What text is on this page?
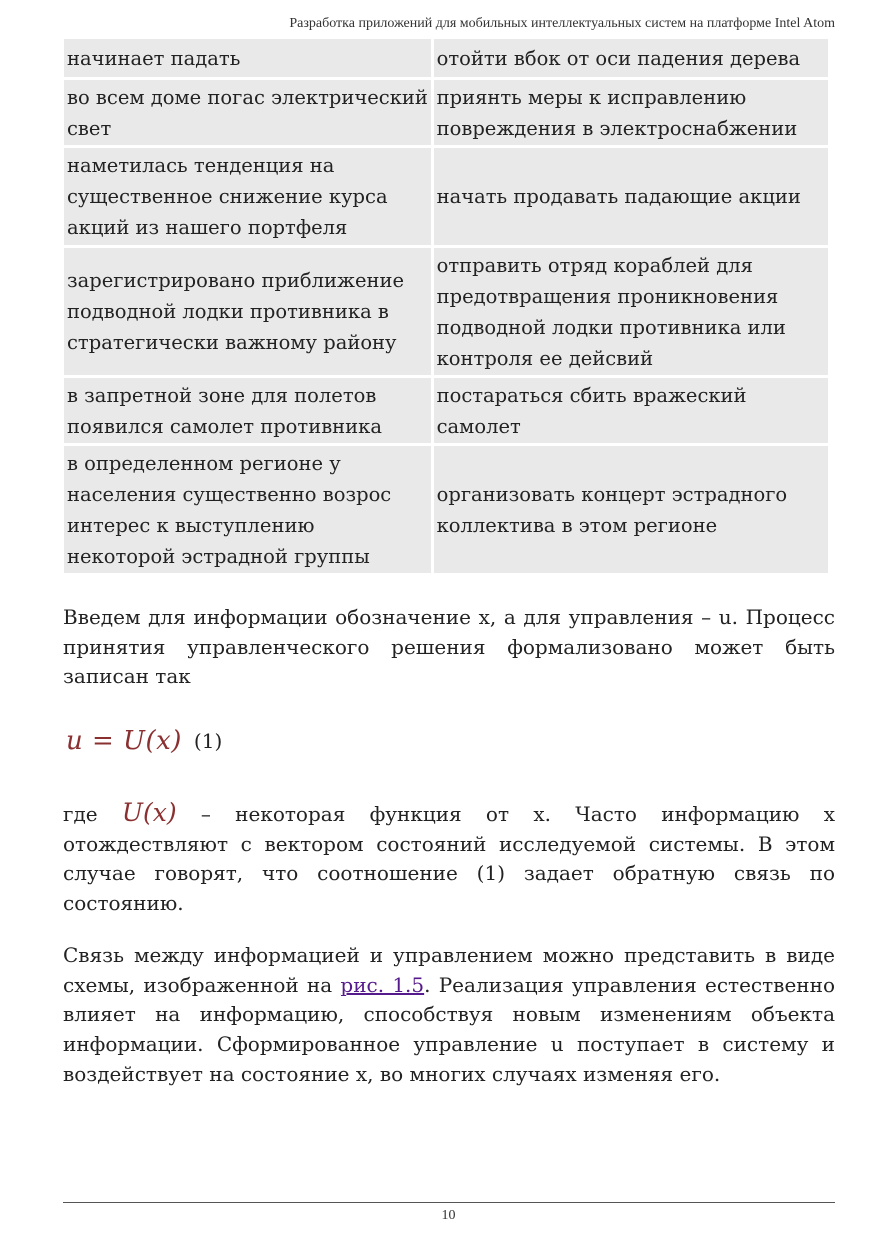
Разработка приложений для мобильных интеллектуальных систем на платформе Intel Atom
начинает падать	отойти вбок от оси падения дерева
во всем доме погас электрический свет	приянть меры к исправлению повреждения в электроснабжении
наметилась тенденция на существенное снижение курса акций из нашего портфеля	начать продавать падающие акции
зарегистрировано приближение подводной лодки противника в стратегически важному району	отправить отряд кораблей для предотвращения проникновения подводной лодки противника или контроля ее дейсвий
в запретной зоне для полетов появился самолет противника	постараться сбить вражеский самолет
в определенном регионе у населения существенно возрос интерес к выступлению некоторой эстрадной группы	организовать концерт эстрадного коллектива в этом регионе

Введем для информации обозначение x, а для управления – u. Процесс принятия управленческого решения формализовано может быть записан так

u = U(x) (1)

где U(x) – некоторая функция от x. Часто информацию x отождествляют с вектором состояний исследуемой системы. В этом случае говорят, что соотношение (1) задает обратную связь по состоянию.

Связь между информацией и управлением можно представить в виде схемы, изображенной на рис. 1.5. Реализация управления естественно влияет на информацию, способствуя новым изменениям объекта информации. Сформированное управление u поступает в систему и воздействует на состояние x, во многих случаях изменяя его.

10
